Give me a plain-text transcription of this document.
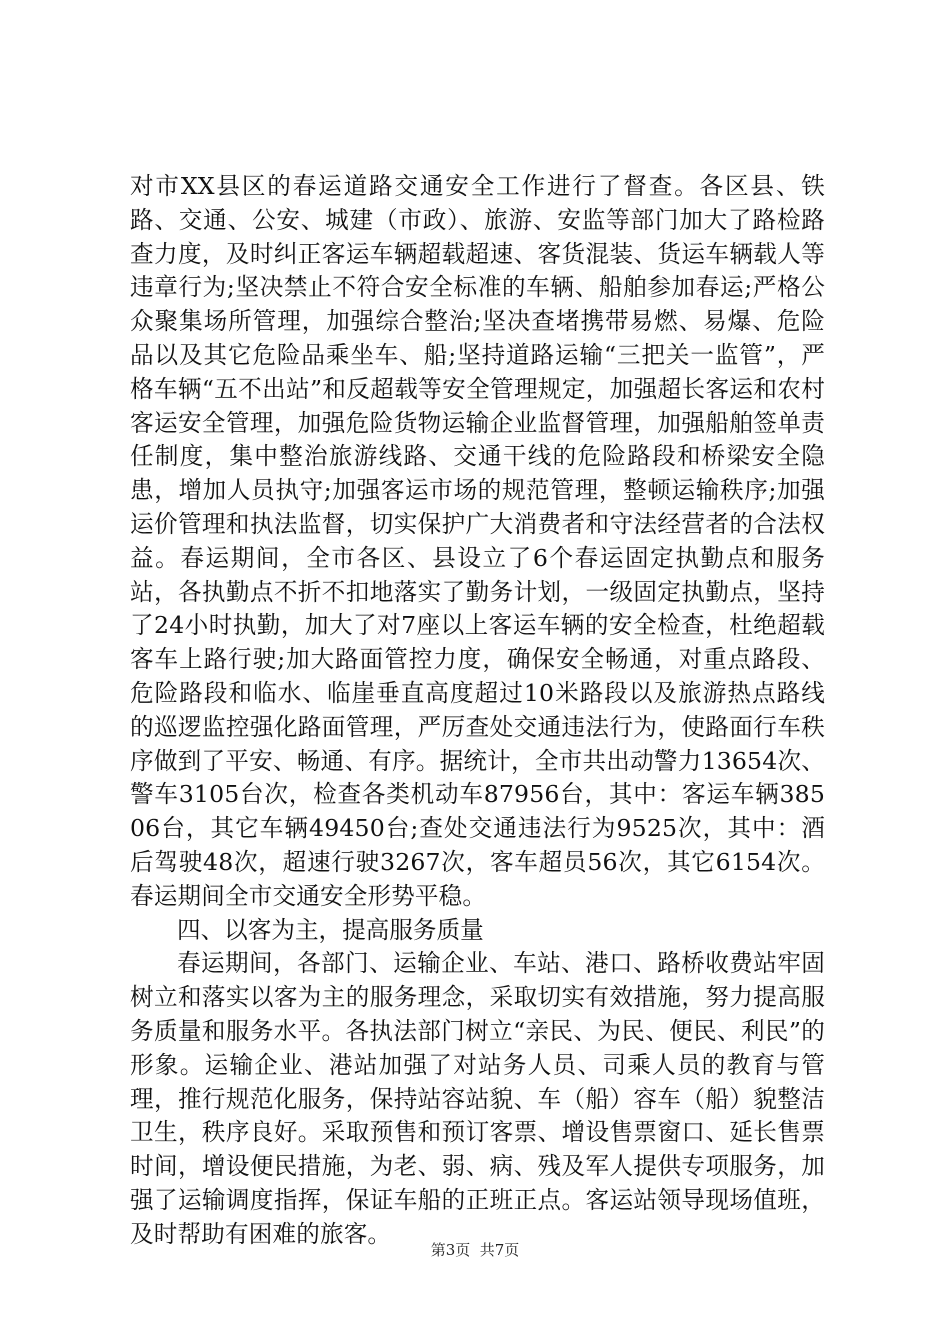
对市XX县区的春运道路交通安全工作进行了督查。各区县、铁路、交通、公安、城建（市政）、旅游、安监等部门加大了路检路查力度，及时纠正客运车辆超载超速、客货混装、货运车辆载人等违章行为;坚决禁止不符合安全标准的车辆、船舶参加春运;严格公众聚集场所管理，加强综合整治;坚决查堵携带易燃、易爆、危险品以及其它危险品乘坐车、船;坚持道路运输“三把关一监管”，严格车辆“五不出站”和反超载等安全管理规定，加强超长客运和农村客运安全管理，加强危险货物运输企业监督管理，加强船舶签单责任制度，集中整治旅游线路、交通干线的危险路段和桥梁安全隐患，增加人员执守;加强客运市场的规范管理，整顿运输秩序;加强运价管理和执法监督，切实保护广大消费者和守法经营者的合法权益。春运期间，全市各区、县设立了6个春运固定执勤点和服务站，各执勤点不折不扣地落实了勤务计划，一级固定执勤点，坚持了24小时执勤，加大了对7座以上客运车辆的安全检查，杜绝超载客车上路行驶;加大路面管控力度，确保安全畅通，对重点路段、危险路段和临水、临崖垂直高度超过10米路段以及旅游热点路线的巡逻监控强化路面管理，严厉查处交通违法行为，使路面行车秩序做到了平安、畅通、有序。据统计，全市共出动警力13654次、警车3105台次，检查各类机动车87956台，其中：客运车辆38506台，其它车辆49450台;查处交通违法行为9525次，其中：酒后驾驶48次，超速行驶3267次，客车超员56次，其它6154次。春运期间全市交通安全形势平稳。

四、以客为主，提高服务质量

春运期间，各部门、运输企业、车站、港口、路桥收费站牢固树立和落实以客为主的服务理念，采取切实有效措施，努力提高服务质量和服务水平。各执法部门树立“亲民、为民、便民、利民”的形象。运输企业、港站加强了对站务人员、司乘人员的教育与管理，推行规范化服务，保持站容站貌、车（船）容车（船）貌整洁卫生，秩序良好。采取预售和预订客票、增设售票窗口、延长售票时间，增设便民措施，为老、弱、病、残及军人提供专项服务，加强了运输调度指挥，保证车船的正班正点。客运站领导现场值班，及时帮助有困难的旅客。

第3页  共7页
